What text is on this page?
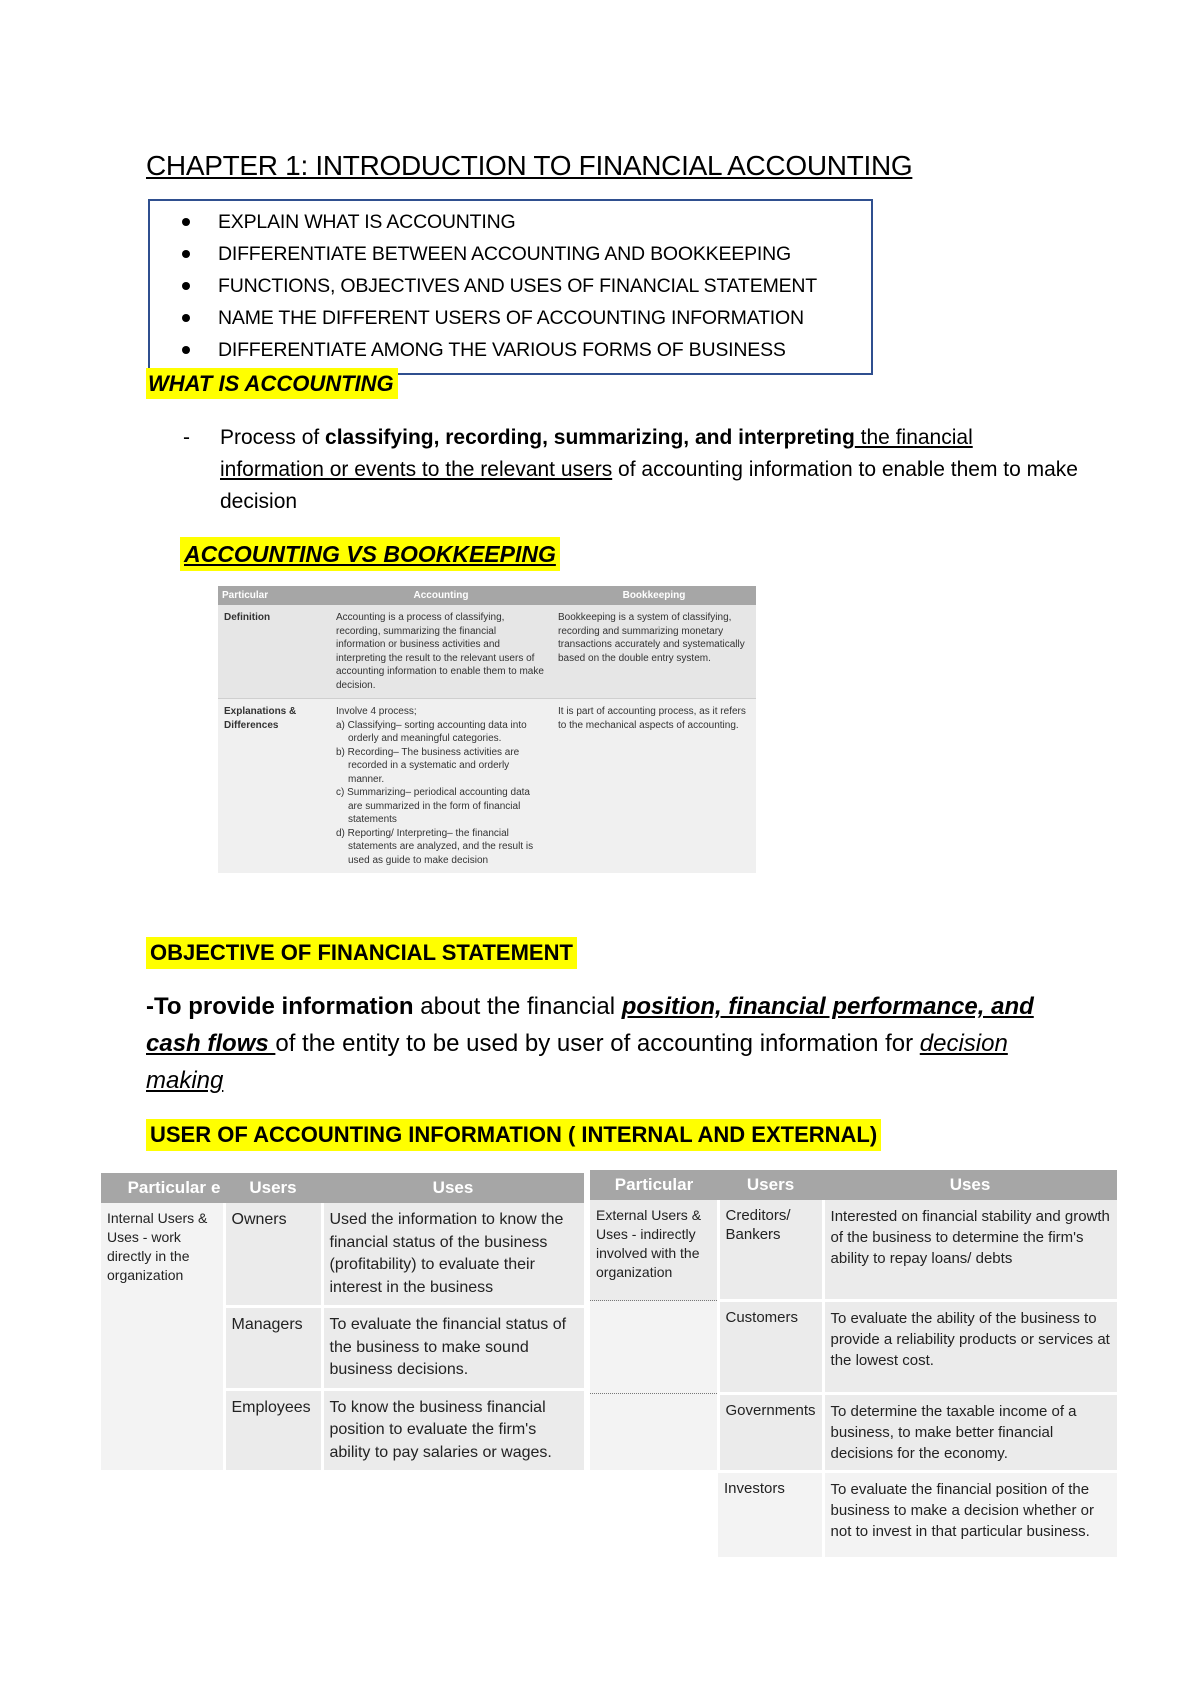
CHAPTER 1: INTRODUCTION TO FINANCIAL ACCOUNTING
EXPLAIN WHAT IS ACCOUNTING
DIFFERENTIATE BETWEEN ACCOUNTING AND BOOKKEEPING
FUNCTIONS, OBJECTIVES AND USES OF FINANCIAL STATEMENT
NAME THE DIFFERENT USERS OF ACCOUNTING INFORMATION
DIFFERENTIATE AMONG THE VARIOUS FORMS OF BUSINESS
WHAT IS ACCOUNTING
- Process of classifying, recording, summarizing, and interpreting the financial information or events to the relevant users of accounting information to enable them to make decision
ACCOUNTING VS BOOKKEEPING
Particular	Accounting	Bookkeeping
Definition	Accounting is a process of classifying, recording, summarizing the financial information or business activities and interpreting the result to the relevant users of accounting information to enable them to make decision.	Bookkeeping is a system of classifying, recording and summarizing monetary transactions accurately and systematically based on the double entry system.
Explanations & Differences	Involve 4 process;
a) Classifying– sorting accounting data into orderly and meaningful categories.
b) Recording– The business activities are recorded in a systematic and orderly manner.
c) Summarizing– periodical accounting data are summarized in the form of financial statements
d) Reporting/ Interpreting– the financial statements are analyzed, and the result is used as guide to make decision	It is part of accounting process, as it refers to the mechanical aspects of accounting.
OBJECTIVE OF FINANCIAL STATEMENT
-To provide information about the financial position, financial performance, and cash flows of the entity to be used by user of accounting information for decision making
USER OF ACCOUNTING INFORMATION ( INTERNAL AND EXTERNAL)
Particular	e	Users	Uses
Internal Users & Uses - work directly in the organization		Owners	Used the information to know the financial status of the business (profitability) to evaluate their interest in the business
		Managers	To evaluate the financial status of the business to make sound business decisions.
		Employees	To know the business financial position to evaluate the firm's ability to pay salaries or wages.
Particular	Users	Uses
External Users & Uses - indirectly involved with the organization	Creditors/ Bankers	Interested on financial stability and growth of the business to determine the firm's ability to repay loans/ debts
	Customers	To evaluate the ability of the business to provide a reliability products or services at the lowest cost.
	Governments	To determine the taxable income of a business, to make better financial decisions for the economy.
	Investors	To evaluate the financial position of the business to make a decision whether or not to invest in that particular business.
